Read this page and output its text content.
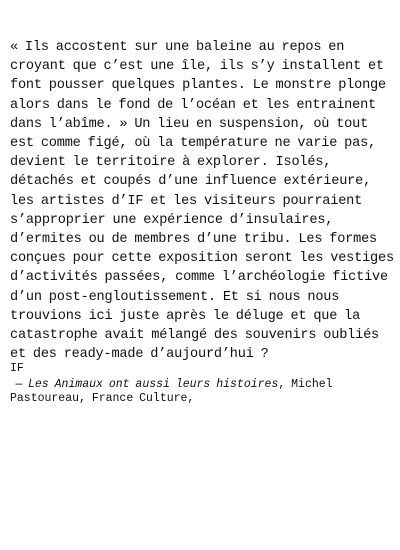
« Ils accostent sur une baleine au repos en croyant que c’est une île, ils s’y installent et font pousser quelques plantes. Le monstre plonge alors dans le fond de l’océan et les entrainent dans l’abîme. » Un lieu en suspension, où tout est comme figé, où la température ne varie pas, devient le territoire à explorer. Isolés, détachés et coupés d’une influence extérieure, les artistes d’IF et les visiteurs pourraient s’approprier une expérience d’insulaires, d’ermites ou de membres d’une tribu. Les formes conçues pour cette exposition seront les vestiges d’activités passées, comme l’archéologie fictive d’un post-engloutissement. Et si nous nous trouvions ici juste après le déluge et que la catastrophe avait mélangé des souvenirs oubliés et des ready-made d’aujourd’hui ?

IF

— Les Animaux ont aussi leurs histoires, Michel Pastoureau, France Culture,
